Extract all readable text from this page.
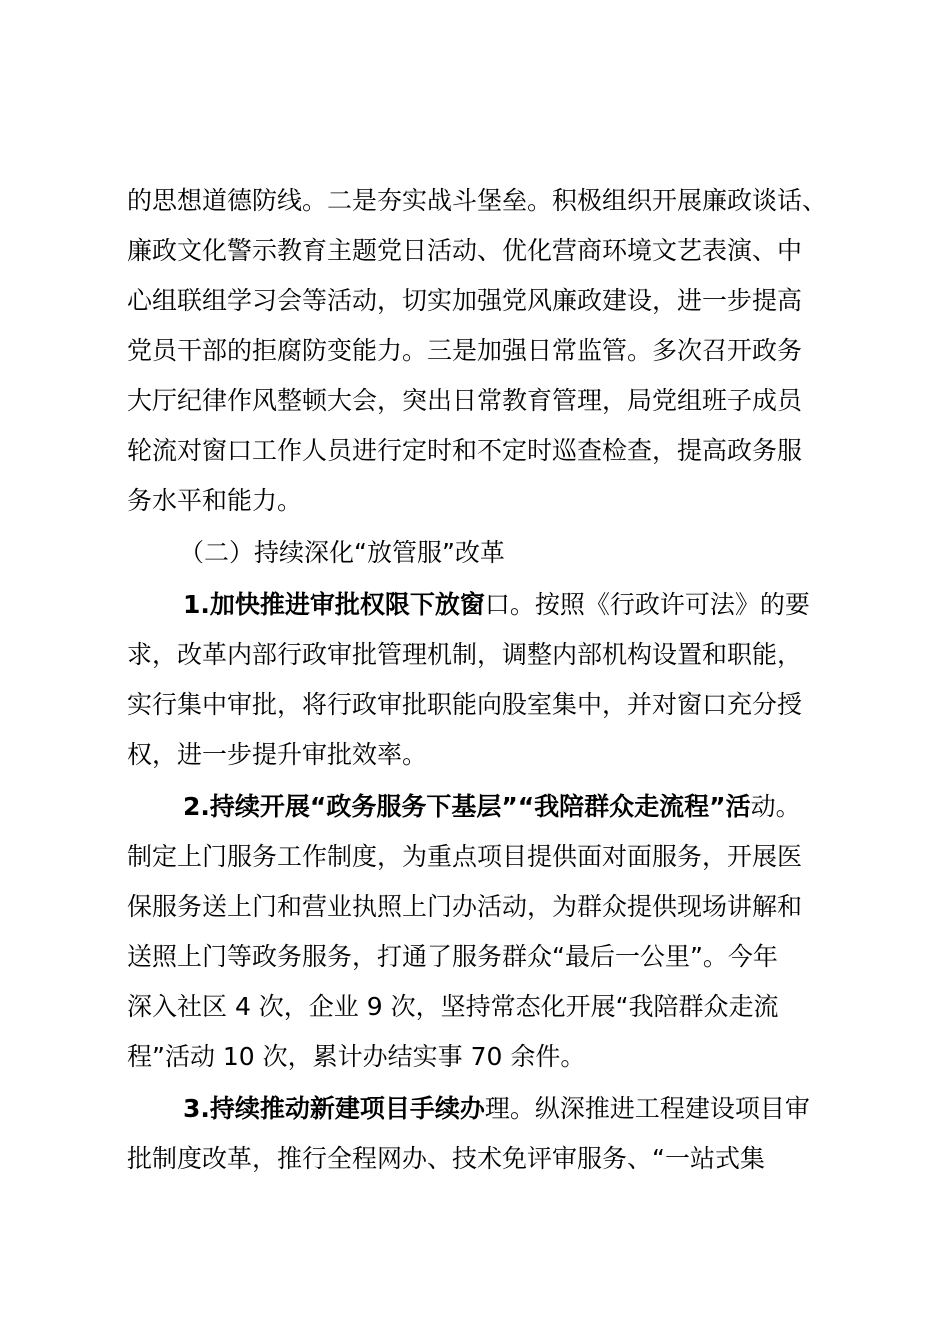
的思想道德防线。二是夯实战斗堡垒。积极组织开展廉政谈话、
廉政文化警示教育主题党日活动、优化营商环境文艺表演、中
心组联组学习会等活动，切实加强党风廉政建设，进一步提高
党员干部的拒腐防变能力。三是加强日常监管。多次召开政务
大厅纪律作风整顿大会，突出日常教育管理，局党组班子成员
轮流对窗口工作人员进行定时和不定时巡查检查，提高政务服
务水平和能力。
（二）持续深化“放管服”改革
1.加快推进审批权限下放窗口。按照《行政许可法》的要
求，改革内部行政审批管理机制，调整内部机构设置和职能，
实行集中审批，将行政审批职能向股室集中，并对窗口充分授
权，进一步提升审批效率。
2.持续开展“政务服务下基层”“我陪群众走流程”活动。
制定上门服务工作制度，为重点项目提供面对面服务，开展医
保服务送上门和营业执照上门办活动，为群众提供现场讲解和
送照上门等政务服务，打通了服务群众“最后一公里”。今年
深入社区 4 次，企业 9 次，坚持常态化开展“我陪群众走流
程”活动 10 次，累计办结实事 70 余件。
3.持续推动新建项目手续办理。纵深推进工程建设项目审
批制度改革，推行全程网办、技术免评审服务、“一站式集
